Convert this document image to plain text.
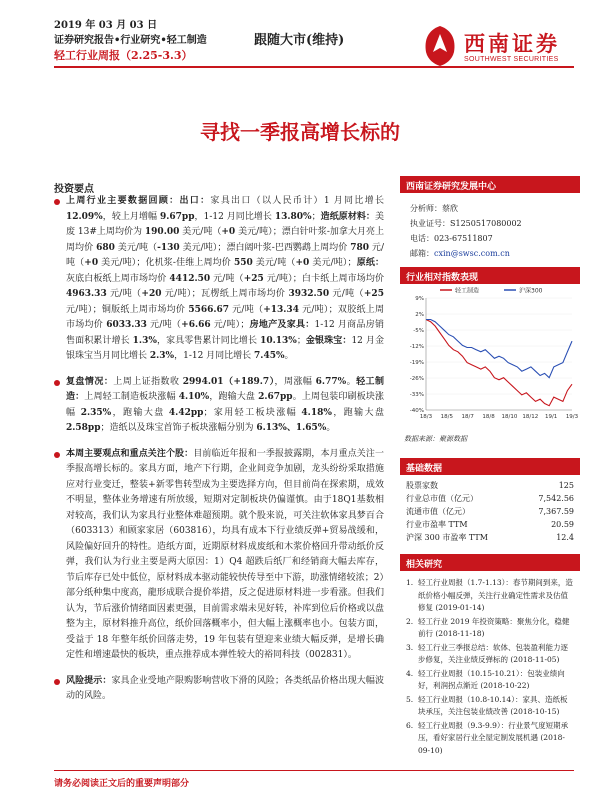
2019 年 03 月 03 日
证券研究报告•行业研究•轻工制造
轻工行业周报（2.25-3.3）
跟随大市(维持)	西南证券
SOUTHWEST SECURITIES
寻找一季报高增长标的
投资要点
上周行业主要数据回顾：出口：家具出口（以人民币计）1 月同比增长 12.09%，较上月增幅 9.67pp，1-12 月同比增长 13.80%；造纸原材料：美废 13#上周均价为 190.00 美元/吨（+0 美元/吨）；漂白针叶浆-加拿大月亮上周均价 680 美元/吨（-130 美元/吨）；漂白阔叶浆-巴西鹦鹉上周均价 780 元/吨（+0 美元/吨）；化机浆-佳维上周均价 550 美元/吨（+0 美元/吨）；原纸：灰底白板纸上周市场均价 4412.50 元/吨（+25 元/吨）；白卡纸上周市场均价 4963.33 元/吨（+20 元/吨）；瓦楞纸上周市场均价 3932.50 元/吨（+25 元/吨）；铜版纸上周市场均价 5566.67 元/吨（+13.34 元/吨）；双胶纸上周市场均价 6033.33 元/吨（+6.66 元/吨）；房地产及家具：1-12 月商品房销售面积累计增长 1.3%，家具零售累计同比增长 10.13%；金银珠宝：12 月金银珠宝当月同比增长 2.3%，1-12 月同比增长 7.45%。
复盘情况：上周上证指数收 2994.01（+189.7），周涨幅 6.77%。轻工制造：上周轻工制造板块涨幅 4.10%，跑输大盘 2.67pp。上周包装印刷板块涨幅 2.35%，跑输大盘 4.42pp；家用轻工板块涨幅 4.18%，跑输大盘 2.58pp；造纸以及珠宝首饰子板块涨幅分别为 6.13%、1.65%。
本周主要观点和重点关注个股：目前临近年报和一季报披露期，本月重点关注一季报高增长标的。家具方面，地产下行期，企业间竞争加剧，龙头纷纷采取措施应对行业变迁，整装+新零售转型成为主要选择方向，但目前尚在探索期，成效不明显，整体业务增速有所放缓，短期对定制板块仍偏谨慎。由于18Q1基数相对较高，我们认为家具行业整体难超预期。就个股来说，可关注软体家具梦百合（603313）和顾家家居（603816），均具有成本下行业绩反弹+贸易战缓和，风险偏好回升的特性。造纸方面，近期原材料成废纸和木浆价格回升带动纸价反弹，我们认为行业主要是两大原因：1）Q4 超跌后纸厂和经销商大幅去库存，节后库存已处中低位，原材料成本驱动能较快传导至中下游，助涨情绪较浓；2）部分纸种集中度高，龍形成联合提价举措，反之促进原材料进一步看涨。但我们认为，节后涨价情绪面因素更强，目前需求端未见好转，补库到位后价格或以盘整为主，原材料推升高位，纸价回落概率小，但大幅上涨概率也小。包装方面，受益于 18 年整年纸价回落走势，19 年包装有望迎来业绩大幅反弹，是增长确定性和增速最快的板块，重点推荐成本弹性较大的裕同科技（002831）。
风险提示：家具企业受地产限购影响营收下滑的风险；各类纸品价格出现大幅波动的风险。
西南证券研究发展中心
分析师：蔡欣
执业证号：S1250517080002
电话：023-67511807
邮箱：cxin@swsc.com.cn
行业相对指数表现
轻工制造	沪深300
9%
2%
-5%
-12%
-19%
-26%
-33%
-40%
18/3 18/5 18/7 18/8 18/10 18/12 19/1 19/3
数据来源：聚源数据
基础数据
股票家数	125
行业总市值（亿元）	7,542.56
流通市值（亿元）	7,367.59
行业市盈率 TTM	20.59
沪深 300 市盈率 TTM	12.4
相关研究
1. 轻工行业周报（1.7-1.13）：春节期间到来，造纸价格小幅反弹，关注行业确定性需求及估值修复 (2019-01-14)
2. 轻工行业 2019 年投资策略：聚焦分化，稳健前行 (2018-11-18)
3. 轻工行业三季报总结：软体、包装盈利能力逐步修复，关注业绩反弹标的 (2018-11-05)
4. 轻工行业周报（10.15-10.21）：包装业绩向好，利润拐点渐近 (2018-10-22)
5. 轻工行业周报（10.8-10.14）：家具、造纸板块承压，关注包装业绩改善 (2018-10-15)
6. 轻工行业周报（9.3-9.9）：行业景气度短期承压，看好家居行业全屋定制发展机遇 (2018-09-10)
请务必阅读正文后的重要声明部分
